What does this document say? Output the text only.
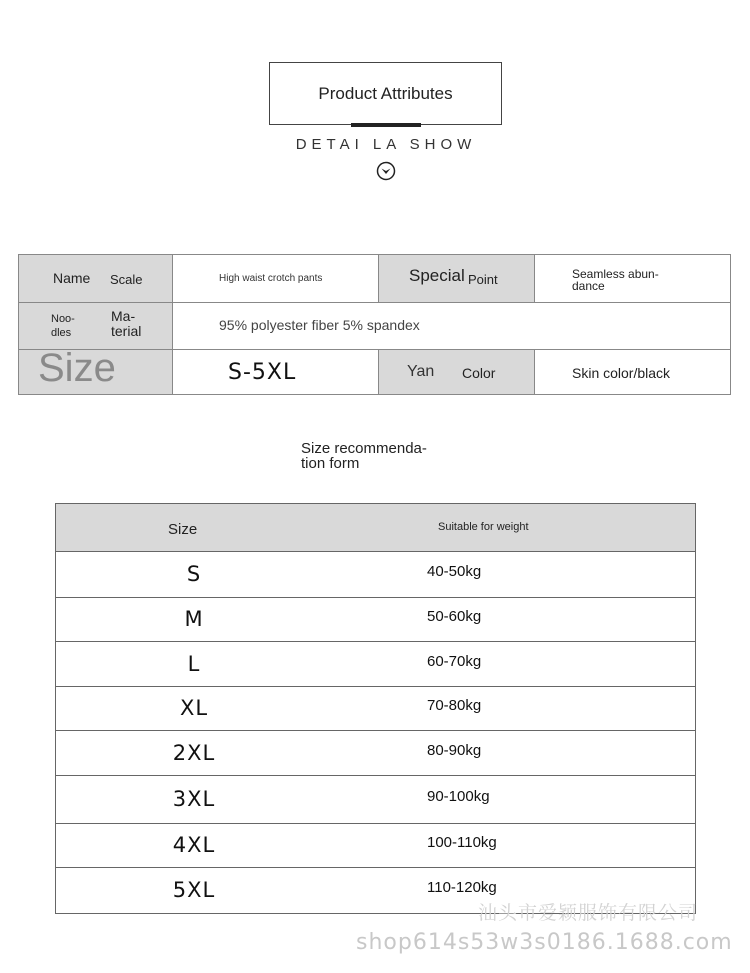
Product Attributes
DETAI LA SHOW
Name Scale	High waist crotch pants	Special Point	Seamless abun-
dance
Noo-
dles
Ma-
terial	95% polyester fiber 5% spandex
Size	S-5XL	Yan Color	Skin color/black
Size recommenda-
tion form
Size	Suitable for weight
S	40-50kg
M	50-60kg
L	60-70kg
XL	70-80kg
2XL	80-90kg
3XL	90-100kg
4XL	100-110kg
5XL	110-120kg
汕头市爱颖服饰有限公司
shop614s53w3s0186.1688.com
